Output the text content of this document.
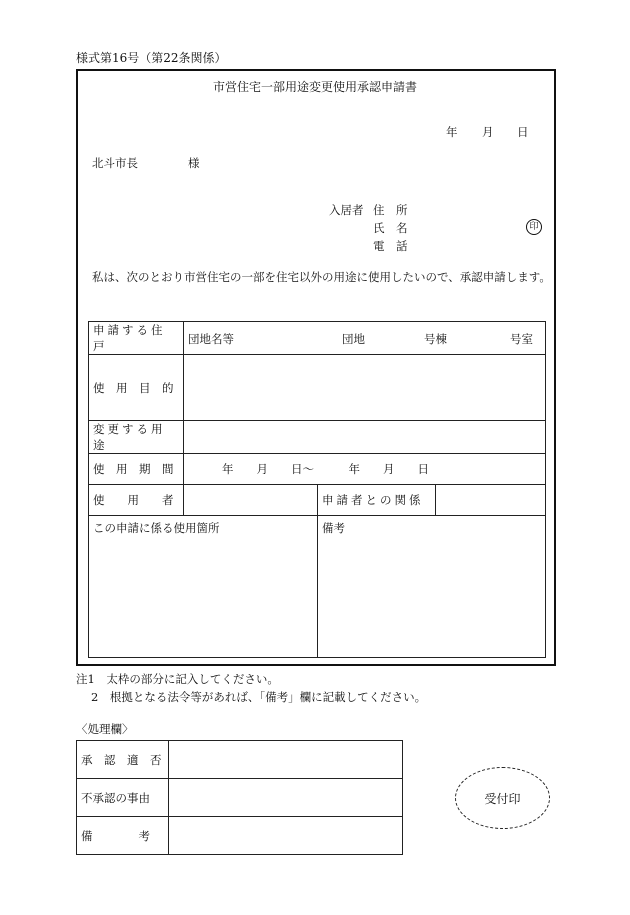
様式第16号（第22条関係）
市営住宅一部用途変更使用承認申請書
年 月 日
北斗市長	様
入居者 住　所
氏　名	印
電　話
私は、次のとおり市営住宅の一部を住宅以外の用途に使用したいので、承認申請します。
申請する住戸	団地名等 団地 号棟 号室		

使　用　目　的			
変更する用途			
使　用　期　間	年　　月　　日～　　　年　　月　　日		
使　　用　　者		申請者との関係	
この申請に係る使用箇所		備考	
注1　太枠の部分に記入してください。
2　根拠となる法令等があれば、「備考」欄に記載してください。
〈処理欄〉
承　認　適　否	
不承認の事由	
備　　　　考	
受付印
